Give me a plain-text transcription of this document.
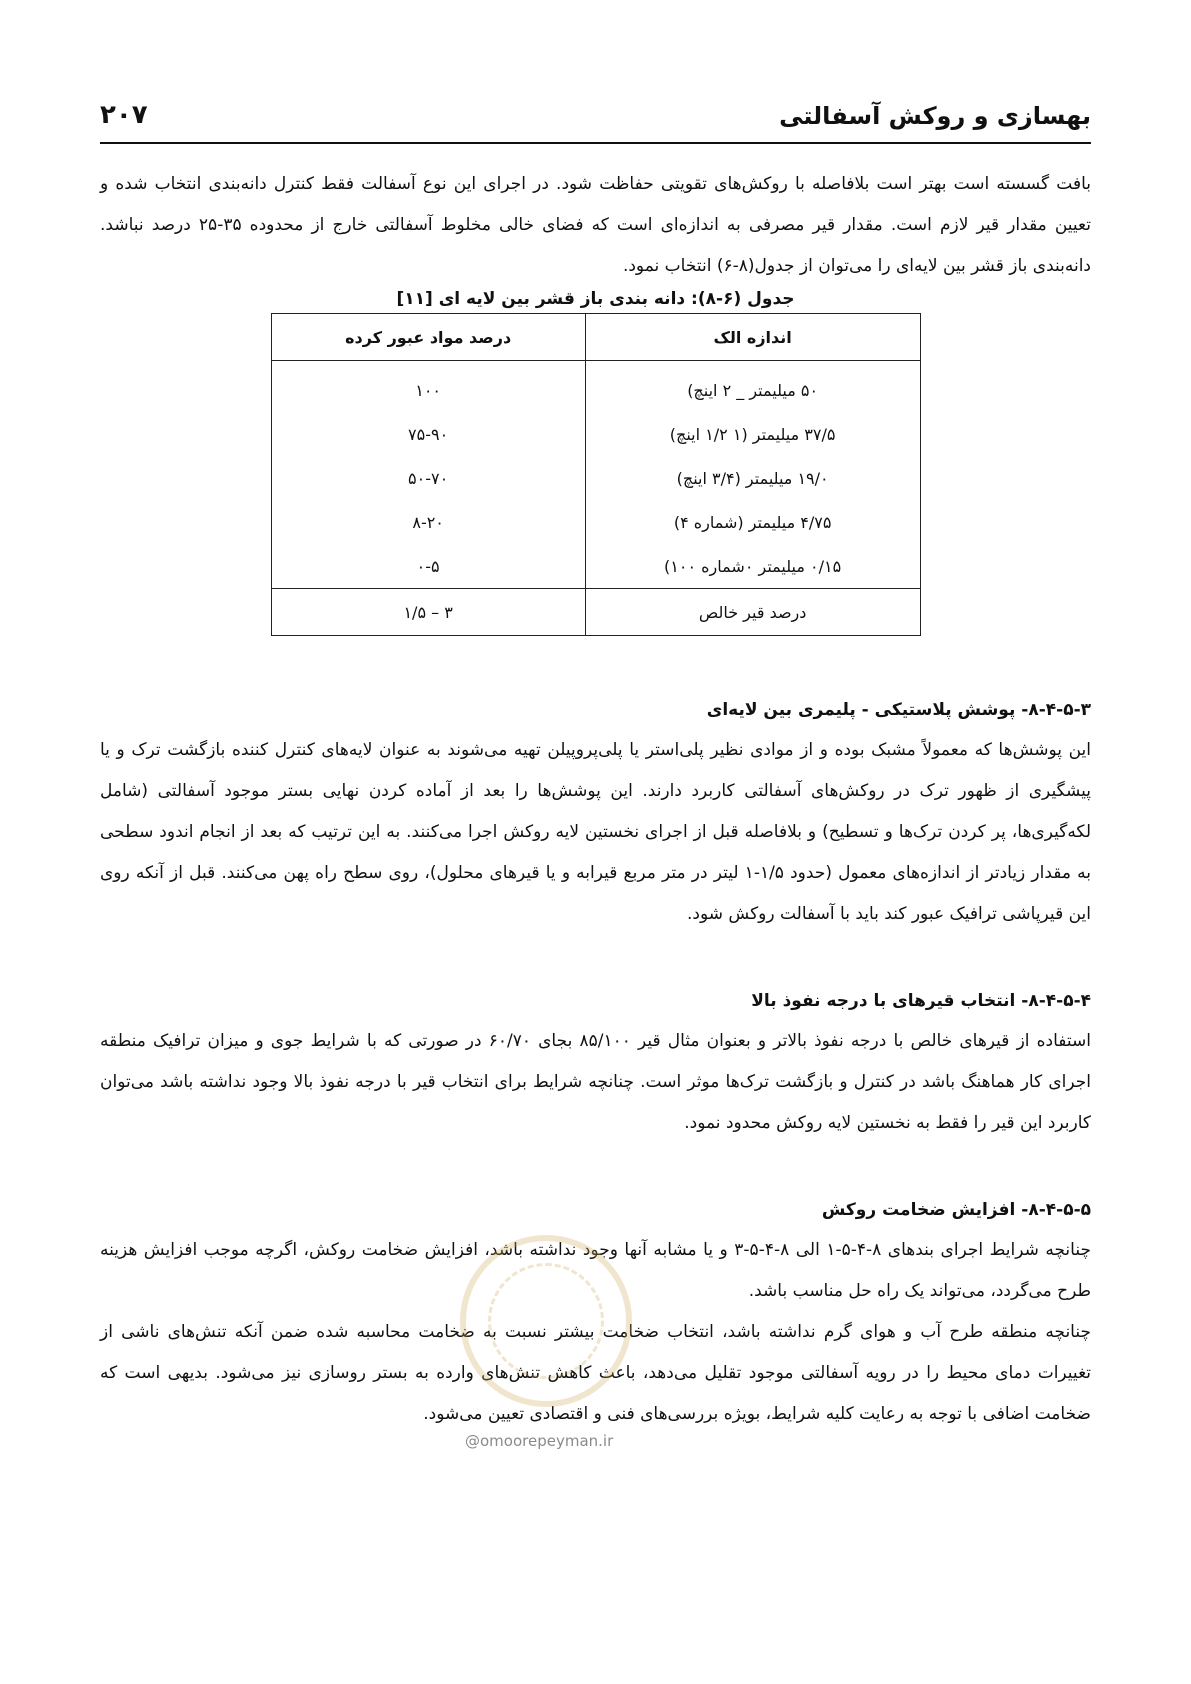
بهسازی و روکش آسفالتی
۲۰۷

بافت گسسته است بهتر است بلافاصله با روکش‌های تقویتی حفاظت شود. در اجرای این نوع آسفالت فقط کنترل دانه‌بندی انتخاب شده و تعیین مقدار قیر لازم است. مقدار قیر مصرفی به اندازه‌ای است که فضای خالی مخلوط آسفالتی خارج از محدوده ۳۵-۲۵ درصد نباشد. دانه‌بندی باز قشر بین لایه‌ای را می‌توان از جدول(۸-۶) انتخاب نمود.

جدول (۶-۸): دانه بندی باز قشر بین لایه ای [۱۱]
اندازه الک	درصد مواد عبور کرده
۵۰ میلیمتر _ ۲ اینچ)	۱۰۰
۳۷/۵ میلیمتر (۱ ۱/۲ اینچ)	۷۵-۹۰
۱۹/۰ میلیمتر (۳/۴ اینچ)	۵۰-۷۰
۴/۷۵ میلیمتر (شماره ۴)	۸-۲۰
۰/۱۵ میلیمتر ۰شماره ۱۰۰)	۰-۵
درصد قیر خالص	۳ – ۱/۵
۸-۴-۵-۳- پوشش پلاستیکی - پلیمری بین لایه‌ای

این پوشش‌ها که معمولاً مشبک بوده و از موادی نظیر پلی‌استر یا پلی‌پروپیلن تهیه می‌شوند به عنوان لایه‌های کنترل کننده بازگشت ترک و یا پیشگیری از ظهور ترک در روکش‌های آسفالتی کاربرد دارند. این پوشش‌ها را بعد از آماده کردن نهایی بستر موجود آسفالتی (شامل لکه‌گیری‌ها، پر کردن ترک‌ها و تسطیح) و بلافاصله قبل از اجرای نخستین لایه روکش اجرا می‌کنند. به این ترتیب که بعد از انجام اندود سطحی به مقدار زیادتر از اندازه‌های معمول (حدود ۱/۵-۱ لیتر در متر مربع قیرابه و یا قیرهای محلول)، روی سطح راه پهن می‌کنند. قبل از آنکه روی این قیرپاشی ترافیک عبور کند باید با آسفالت روکش شود.

۸-۴-۵-۴- انتخاب قیرهای با درجه نفوذ بالا

استفاده از قیرهای خالص با درجه نفوذ بالاتر و بعنوان مثال قیر ۸۵/۱۰۰ بجای ۶۰/۷۰ در صورتی که با شرایط جوی و میزان ترافیک منطقه اجرای کار هماهنگ باشد در کنترل و بازگشت ترک‌ها موثر است. چنانچه شرایط برای انتخاب قیر با درجه نفوذ بالا وجود نداشته باشد می‌توان کاربرد این قیر را فقط به نخستین لایه روکش محدود نمود.

۸-۴-۵-۵- افزایش ضخامت روکش

چنانچه شرایط اجرای بندهای ۸-۴-۵-۱ الی ۸-۴-۵-۳ و یا مشابه آنها وجود نداشته باشد، افزایش ضخامت روکش، اگرچه موجب افزایش هزینه طرح می‌گردد، می‌تواند یک راه حل مناسب باشد.

چنانچه منطقه طرح آب و هوای گرم نداشته باشد، انتخاب ضخامت بیشتر نسبت به ضخامت محاسبه شده ضمن آنکه تنش‌های ناشی از تغییرات دمای محیط را در رویه آسفالتی موجود تقلیل می‌دهد، باعث کاهش تنش‌های وارده به بستر روسازی نیز می‌شود. بدیهی است که ضخامت اضافی با توجه به رعایت کلیه شرایط، بویژه بررسی‌های فنی و اقتصادی تعیین می‌شود.

@omoorepeyman.ir
